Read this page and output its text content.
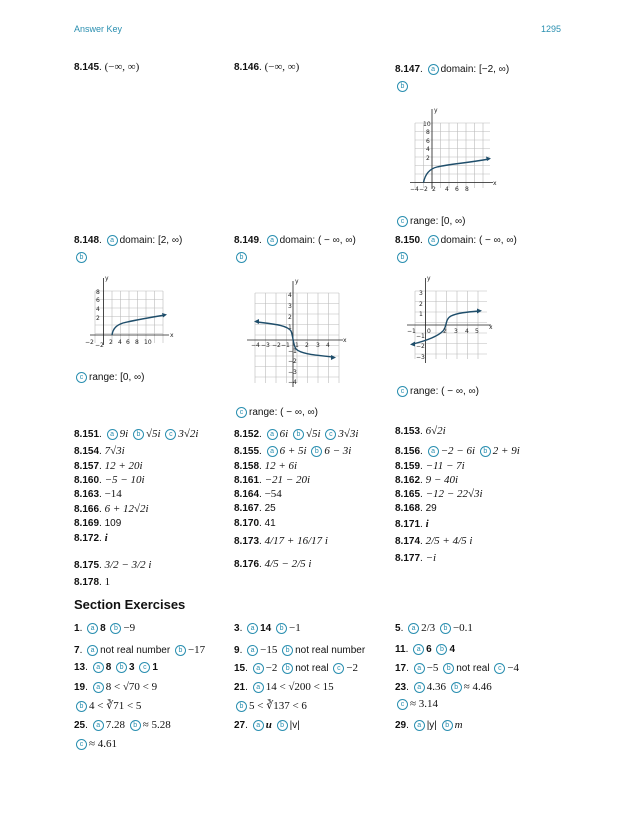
Answer Key	1295
8.145. (−∞, ∞)	8.146. (−∞, ∞)	8.147. a domain: [−2, ∞)
b
y
x
10
8
6
4
2
−4 −2 2 4 6 8
c range: [0, ∞)
8.148. a domain: [2, ∞)
b
y
x
8
6
4
2
−2 −2 2 4 6 8 10
c range: [0, ∞)
8.149. a domain: ( − ∞, ∞)
b
y
x
4
3
2
1
−1
−2
−3
−4
−4 −3 −2 −1 1 2 3 4
c range: ( − ∞, ∞)
8.150. a domain: ( − ∞, ∞)
b
y
x
3
2
1
−1
−2
−3
−1 0 2 3 4 5
c range: ( − ∞, ∞)
8.151. a 9i b √5i c 3√2i	8.152. a 6i b √5i c 3√3i	8.153. 6√2i
8.154. 7√3i	8.155. a 6 + 5i b 6 − 3i	8.156. a −2 − 6i b 2 + 9i
8.157. 12 + 20i	8.158. 12 + 6i	8.159. −11 − 7i
8.160. −5 − 10i	8.161. −21 − 20i	8.162. 9 − 40i
8.163. −14	8.164. −54	8.165. −12 − 22√3i
8.166. 6 + 12√2i	8.167. 25	8.168. 29
8.169. 109	8.170. 41	8.171. i
8.172. i	8.173. 4/17 + 16/17 i	8.174. 2/5 + 4/5 i
8.175. 3/2 − 3/2 i	8.176. 4/5 − 2/5 i	8.177. −i
8.178. 1
Section Exercises
1. a 8 b −9	3. a 14 b −1	5. a 2/3 b −0.1
7. a not real number b −17	9. a −15 b not real number	11. a 6 b 4
13. a 8 b 3 c 1	15. a −2 b not real c −2	17. a −5 b not real c −4
19. a 8 < √70 < 9
b 4 < ∛71 < 5
21. a 14 < √200 < 15
b 5 < ∛137 < 6
23. a 4.36 b ≈ 4.46
c ≈ 3.14
25. a 7.28 b ≈ 5.28
c ≈ 4.61
27. a u b |v|	29. a |y| b m
